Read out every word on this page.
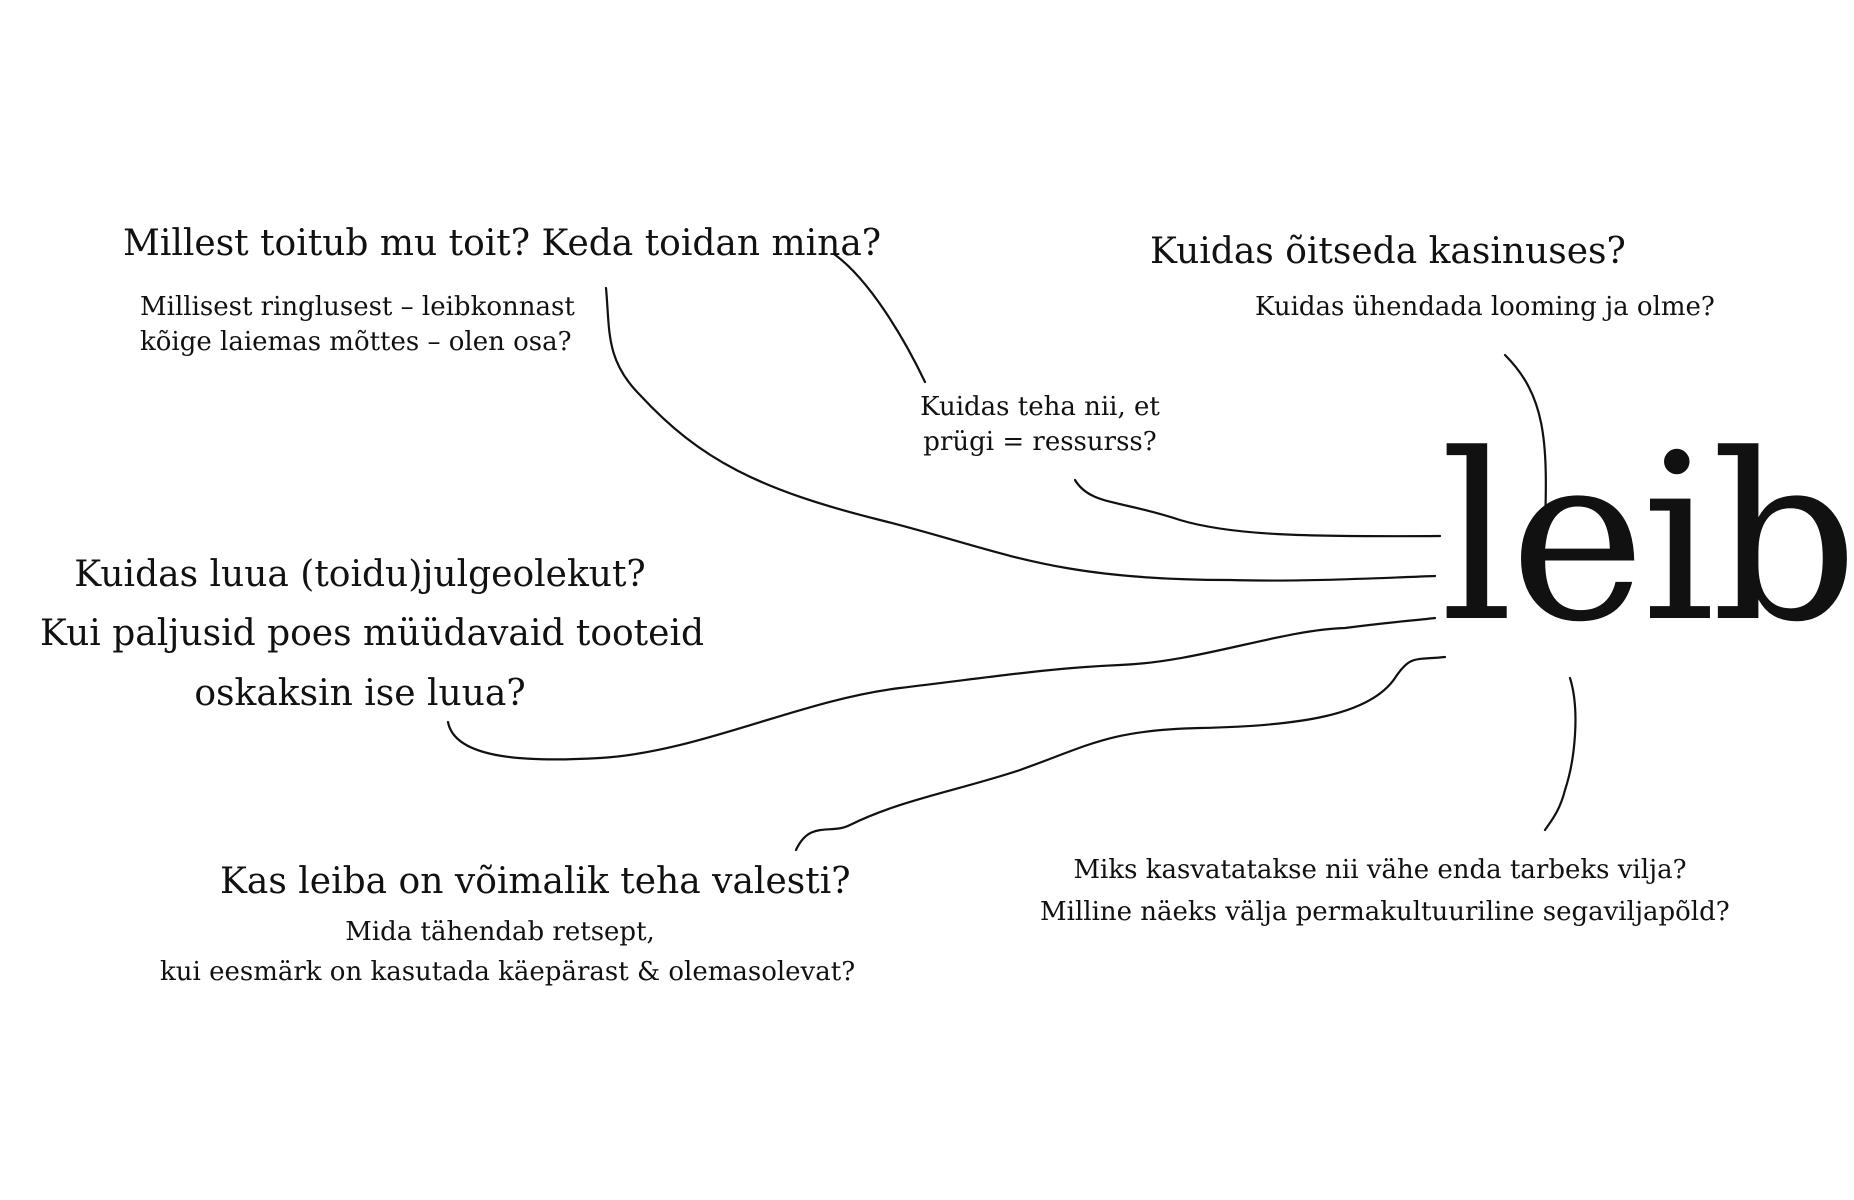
leib
Millest toitub mu toit? Keda toidan mina?
Millisest ringlusest – leibkonnast
kõige laiemas mõttes – olen osa?
Kuidas õitseda kasinuses?
Kuidas ühendada looming ja olme?
Kuidas teha nii, et
prügi = ressurss?
Kuidas luua (toidu)julgeolekut?
Kui paljusid poes müüdavaid tooteid
oskaksin ise luua?
Kas leiba on võimalik teha valesti?
Mida tähendab retsept,
kui eesmärk on kasutada käepärast & olemasolevat?
Miks kasvatatakse nii vähe enda tarbeks vilja?
Milline näeks välja permakultuuriline segaviljapõld?
